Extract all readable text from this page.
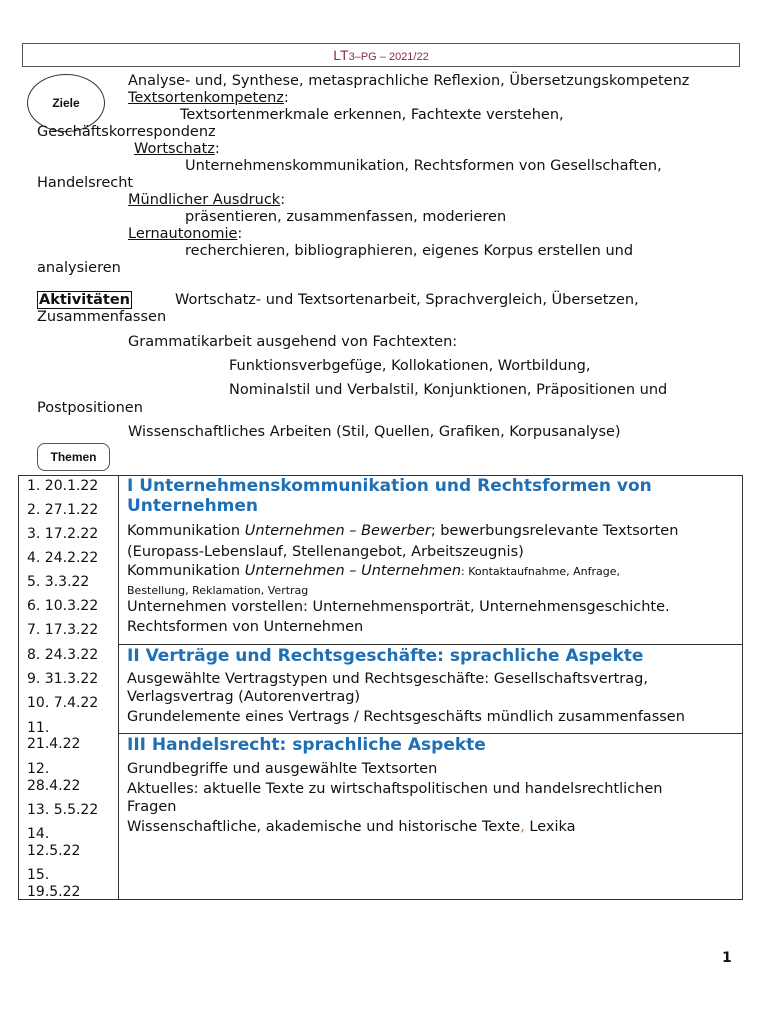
LT3–PG – 2021/22
Ziele
Analyse- und, Synthese, metasprachliche Reflexion, Übersetzungskompetenz
Textsortenkompetenz:
Textsortenmerkmale erkennen, Fachtexte verstehen,
Geschäftskorrespondenz
Wortschatz:
Unternehmenskommunikation, Rechtsformen von Gesellschaften,
Handelsrecht
Mündlicher Ausdruck:
präsentieren, zusammenfassen, moderieren
Lernautonomie:
recherchieren, bibliographieren, eigenes Korpus erstellen und
analysieren
Aktivitäten	Wortschatz- und Textsortenarbeit, Sprachvergleich, Übersetzen,
Zusammenfassen
Grammatikarbeit ausgehend von Fachtexten:
Funktionsverbgefüge, Kollokationen, Wortbildung,
Nominalstil und Verbalstil, Konjunktionen, Präpositionen und
Postpositionen
Wissenschaftliches Arbeiten (Stil, Quellen, Grafiken, Korpusanalyse)
Themen
1. 20.1.22
2. 27.1.22
3. 17.2.22
4. 24.2.22
5. 3.3.22
6. 10.3.22
7. 17.3.22
8. 24.3.22
9. 31.3.22
10. 7.4.22
11.
21.4.22
12.
28.4.22
13. 5.5.22
14.
12.5.22
15.
19.5.22
I Unternehmenskommunikation und Rechtsformen von
Unternehmen
Kommunikation Unternehmen – Bewerber; bewerbungsrelevante Textsorten
(Europass-Lebenslauf, Stellenangebot, Arbeitszeugnis)
Kommunikation Unternehmen – Unternehmen: Kontaktaufnahme, Anfrage,
Bestellung, Reklamation, Vertrag
Unternehmen vorstellen: Unternehmensporträt, Unternehmensgeschichte.
Rechtsformen von Unternehmen
II Verträge und Rechtsgeschäfte: sprachliche Aspekte
Ausgewählte Vertragstypen und Rechtsgeschäfte: Gesellschaftsvertrag,
Verlagsvertrag (Autorenvertrag)
Grundelemente eines Vertrags / Rechtsgeschäfts mündlich zusammenfassen
III Handelsrecht: sprachliche Aspekte
Grundbegriffe und ausgewählte Textsorten
Aktuelles: aktuelle Texte zu wirtschaftspolitischen und handelsrechtlichen
Fragen
Wissenschaftliche, akademische und historische Texte, Lexika
1
